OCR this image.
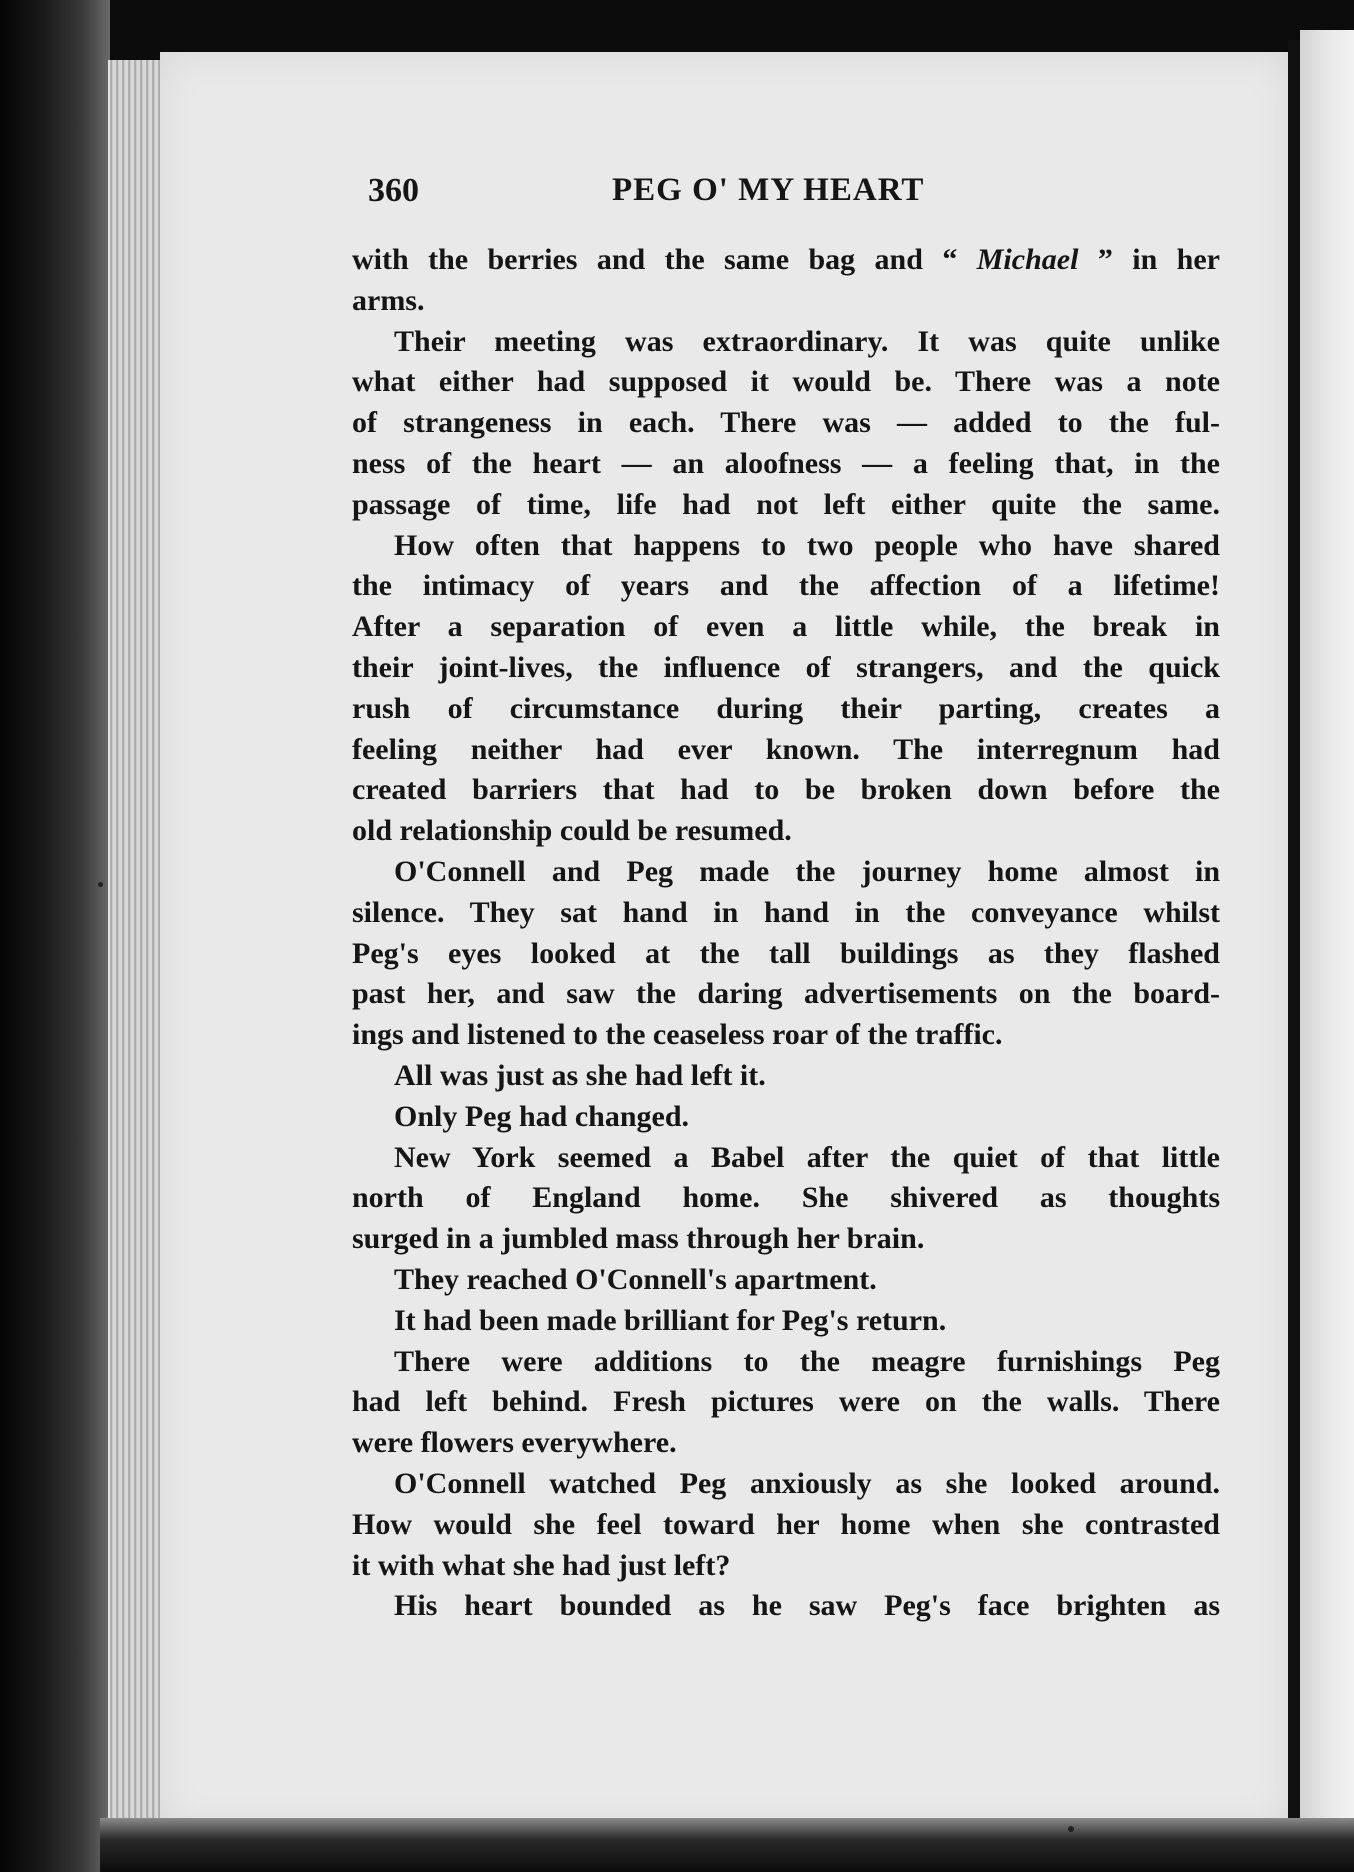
360	PEG O' MY HEART
with the berries and the same bag and “ Michael ” in her
arms.
Their meeting was extraordinary. It was quite unlike
what either had supposed it would be. There was a note
of strangeness in each. There was — added to the ful-
ness of the heart — an aloofness — a feeling that, in the
passage of time, life had not left either quite the same.
How often that happens to two people who have shared
the intimacy of years and the affection of a lifetime!
After a separation of even a little while, the break in
their joint-lives, the influence of strangers, and the quick
rush of circumstance during their parting, creates a
feeling neither had ever known. The interregnum had
created barriers that had to be broken down before the
old relationship could be resumed.
O'Connell and Peg made the journey home almost in
silence. They sat hand in hand in the conveyance whilst
Peg's eyes looked at the tall buildings as they flashed
past her, and saw the daring advertisements on the board-
ings and listened to the ceaseless roar of the traffic.
All was just as she had left it.
Only Peg had changed.
New York seemed a Babel after the quiet of that little
north of England home. She shivered as thoughts
surged in a jumbled mass through her brain.
They reached O'Connell's apartment.
It had been made brilliant for Peg's return.
There were additions to the meagre furnishings Peg
had left behind. Fresh pictures were on the walls. There
were flowers everywhere.
O'Connell watched Peg anxiously as she looked around.
How would she feel toward her home when she contrasted
it with what she had just left?
His heart bounded as he saw Peg's face brighten as
